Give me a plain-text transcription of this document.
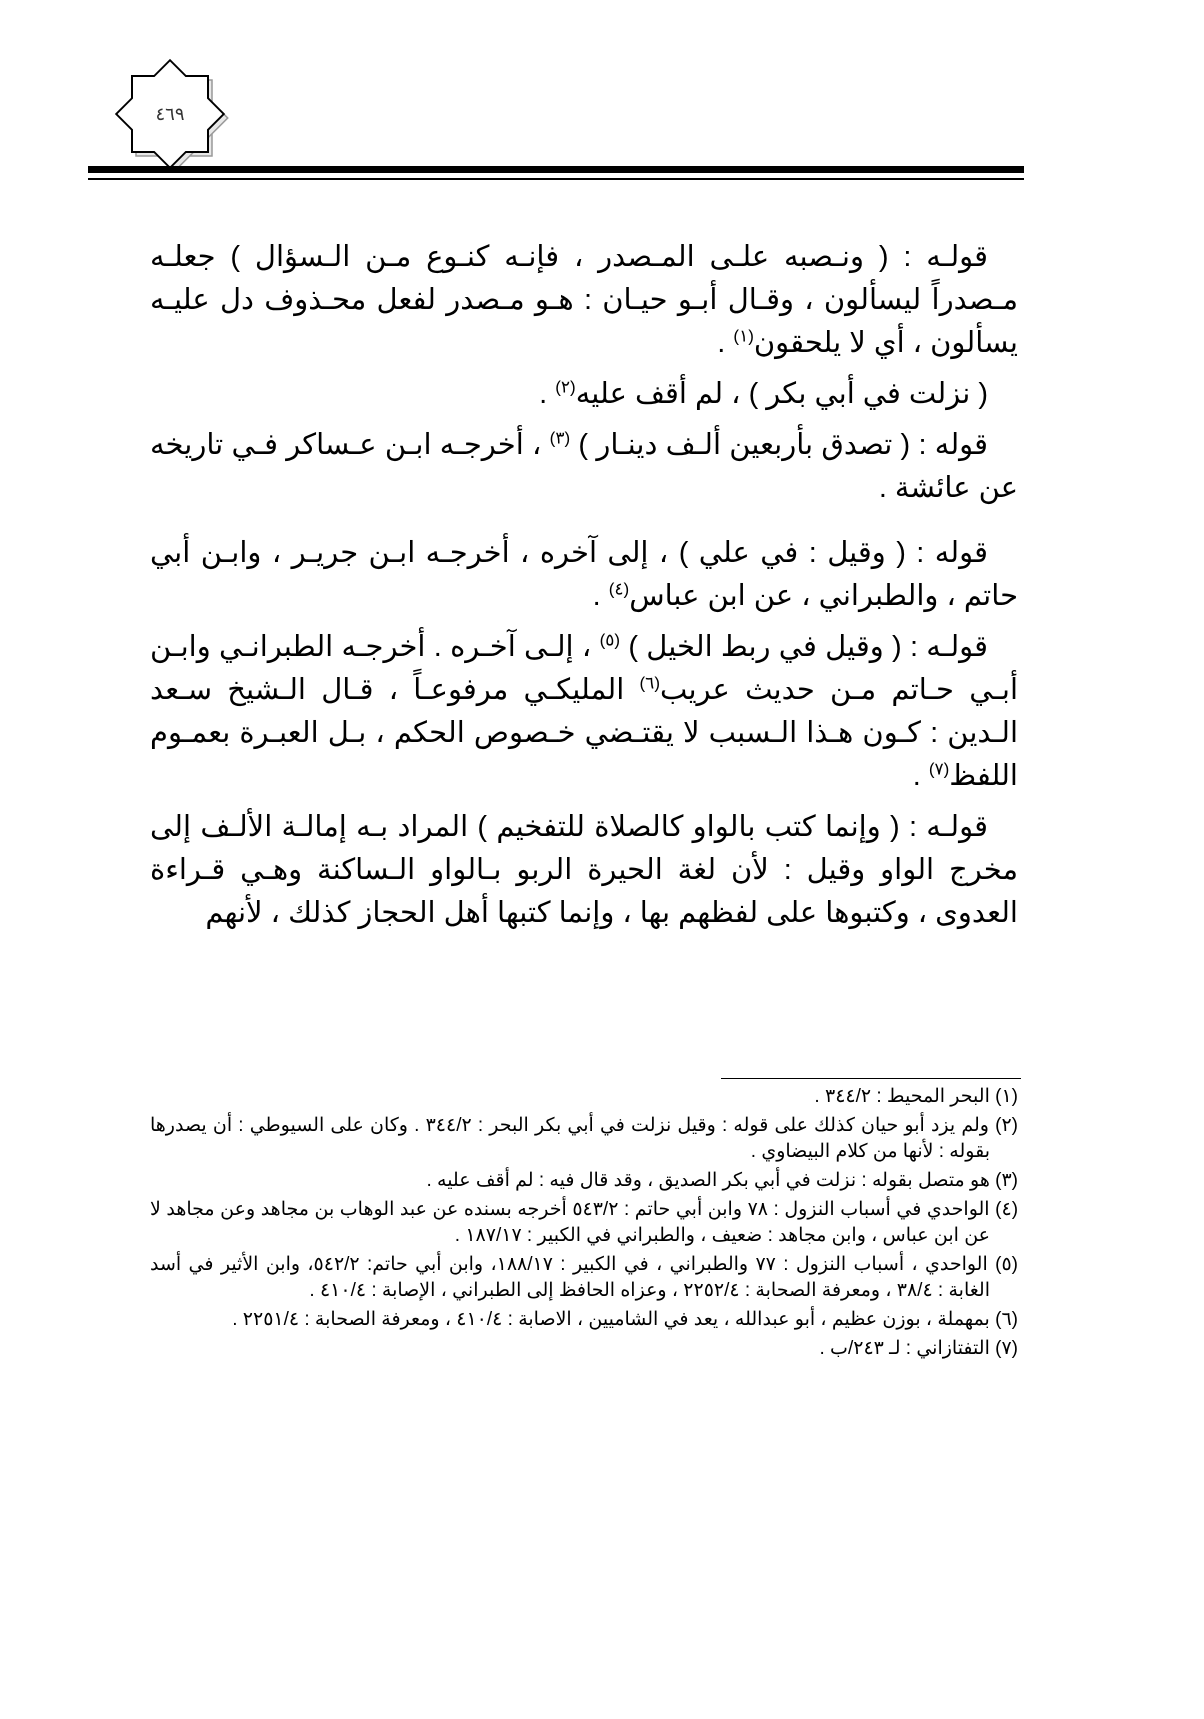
٤٦٩

قولـه : ( ونـصبه علـى المـصدر ، فإنـه كنـوع مـن الـسؤال ) جعلـه مـصدراً ليسألون ، وقـال أبـو حيـان : هـو مـصدر لفعل محـذوف دل عليـه يسألون ، أي لا يلحقون$^{(١)}$ .

( نزلت في أبي بكر ) ، لم أقف عليه$^{(٢)}$ .

قوله : ( تصدق بأربعين ألـف دينـار ) $^{(٣)}$ ، أخرجـه ابـن عـساكر فـي تاريخه عن عائشة .

قوله : ( وقيل : في علي ) ، إلى آخره ، أخرجـه ابـن جريـر ، وابـن أبي حاتم ، والطبراني ، عن ابن عباس$^{(٤)}$ .

قولـه : ( وقيل في ربط الخيل ) $^{(٥)}$ ، إلـى آخـره . أخرجـه الطبرانـي وابـن أبـي حـاتم مـن حديث عريب$^{(٦)}$ المليكـي مرفوعـاً ، قـال الـشيخ سـعد الـدين : كـون هـذا الـسبب لا يقتـضي خـصوص الحكم ، بـل العبـرة بعمـوم اللفظ$^{(٧)}$ .

قولـه : ( وإنما كتب بالواو كالصلاة للتفخيم ) المراد بـه إمالـة الألـف إلى مخرج الواو وقيل : لأن لغة الحيرة الربو بـالواو الـساكنة وهـي قـراءة العدوى ، وكتبوها على لفظهم بها ، وإنما كتبها أهل الحجاز كذلك ، لأنهم

(١) البحر المحيط : ٣٤٤/٢ .

(٢) ولم يزد أبو حيان كذلك على قوله : وقيل نزلت في أبي بكر البحر : ٣٤٤/٢ . وكان على السيوطي : أن يصدرها بقوله : لأنها من كلام البيضاوي .

(٣) هو متصل بقوله : نزلت في أبي بكر الصديق ، وقد قال فيه : لم أقف عليه .

(٤) الواحدي في أسباب النزول : ٧٨ وابن أبي حاتم : ٥٤٣/٢ أخرجه بسنده عن عبد الوهاب بن مجاهد وعن مجاهد لا عن ابن عباس ، وابن مجاهد : ضعيف ، والطبراني في الكبير : ١٨٧/١٧ .

(٥) الواحدي ، أسباب النزول : ٧٧ والطبراني ، في الكبير : ١٨٨/١٧، وابن أبي حاتم: ٥٤٢/٢، وابن الأثير في أسد الغابة : ٣٨/٤ ، ومعرفة الصحابة : ٢٢٥٢/٤ ، وعزاه الحافظ إلى الطبراني ، الإصابة : ٤١٠/٤ .

(٦) بمهملة ، بوزن عظيم ، أبو عبدالله ، يعد في الشاميين ، الاصابة : ٤١٠/٤ ، ومعرفة الصحابة : ٢٢٥١/٤ .

(٧) التفتازاني : لـ ٢٤٣/ب .
